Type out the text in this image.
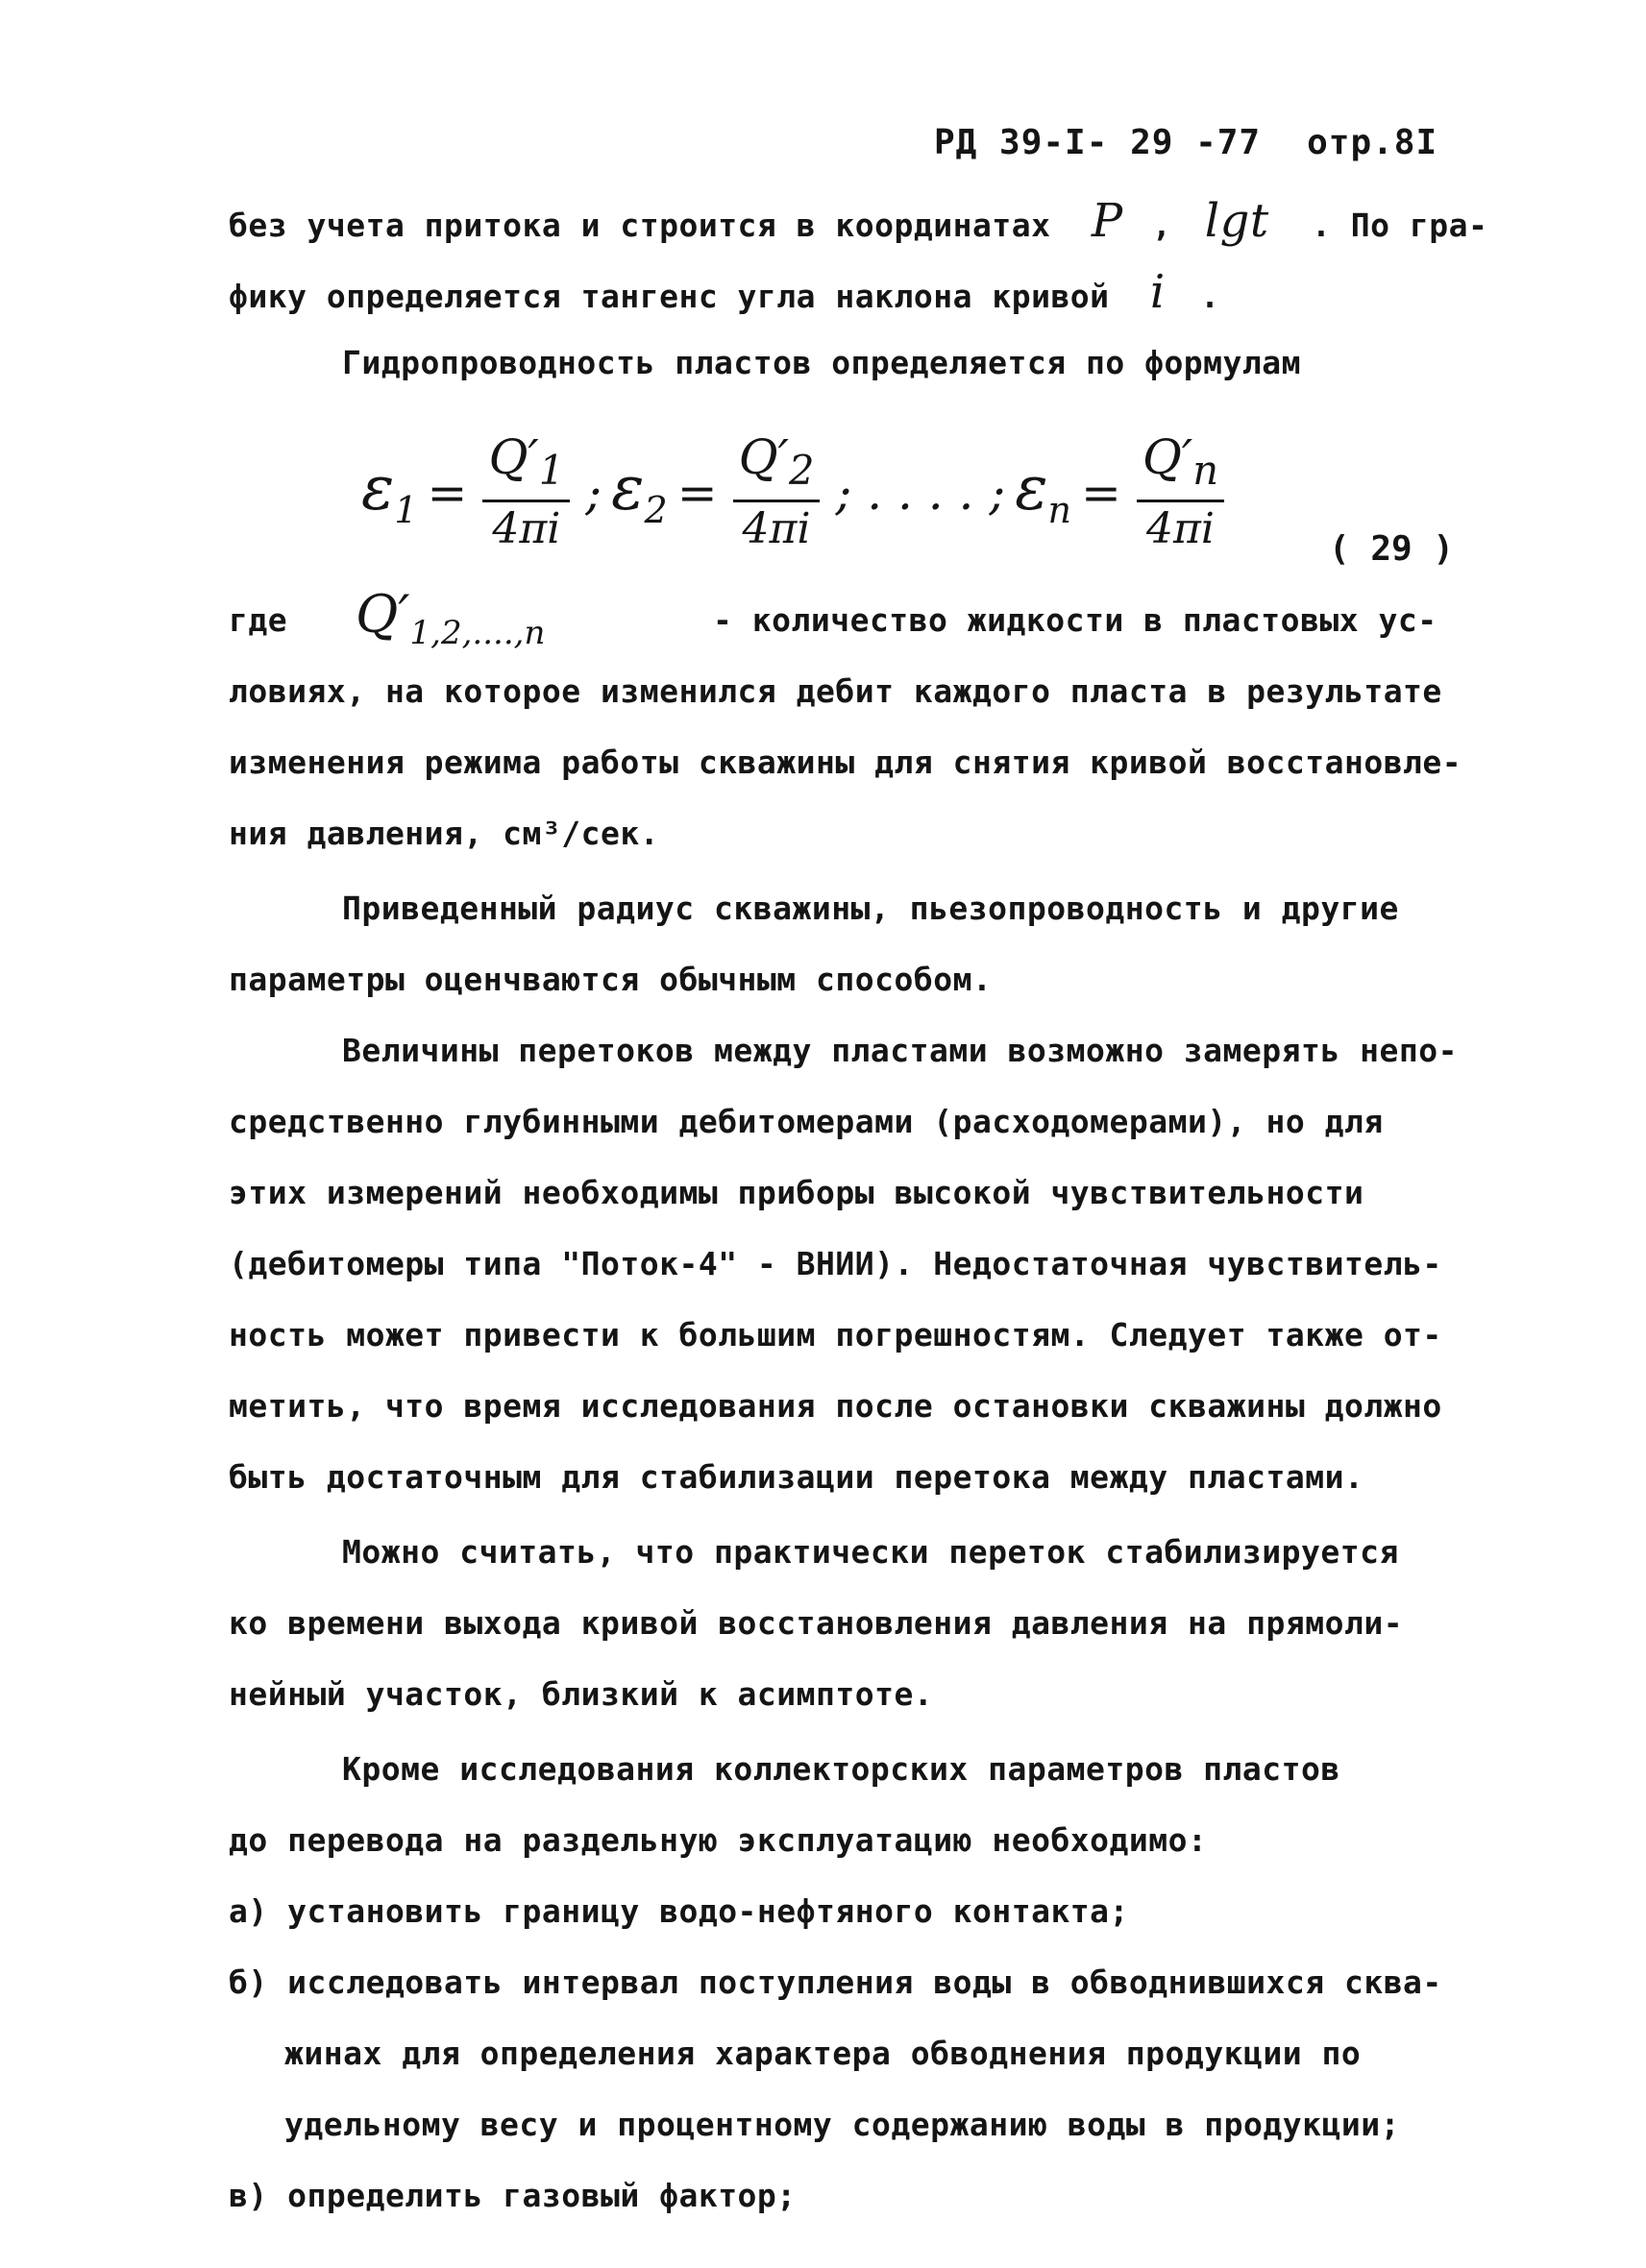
РД 39-I- 29 -77 отр.8I
без учета притока и строится в координатах P , lgt . По гра-
фику определяется тангенс угла наклона кривой i .
Гидропроводность пластов определяется по формулам
$\varepsilon_1 = \frac{Q'_1}{4\pi i}$ ; $\varepsilon_2 = \frac{Q'_2}{4\pi i}$ ; . . . . ; $\varepsilon_n = \frac{Q'_n}{4\pi i}$	( 29 )
где $Q'_{1,2,....,n}$	- количество жидкости в пластовых ус-
ловиях, на которое изменился дебит каждого пласта в результате
изменения режима работы скважины для снятия кривой восстановле-
ния давления, см³/сек.
Приведенный радиус скважины, пьезопроводность и другие
параметры оценчваются обычным способом.
Величины перетоков между пластами возможно замерять непо-
средственно глубинными дебитомерами (расходомерами), но для
этих измерений необходимы приборы высокой чувствительности
(дебитомеры типа "Поток-4" - ВНИИ). Недостаточная чувствитель-
ность может привести к большим погрешностям. Следует также от-
метить, что время исследования после остановки скважины должно
быть достаточным для стабилизации перетока между пластами.
Можно считать, что практически переток стабилизируется
ко времени выхода кривой восстановления давления на прямоли-
нейный участок, близкий к асимптоте.
Кроме исследования коллекторских параметров пластов
до перевода на раздельную эксплуатацию необходимо:
а) установить границу водо-нефтяного контакта;
б) исследовать интервал поступления воды в обводнившихся сква-
жинах для определения характера обводнения продукции по
удельному весу и процентному содержанию воды в продукции;
в) определить газовый фактор;
